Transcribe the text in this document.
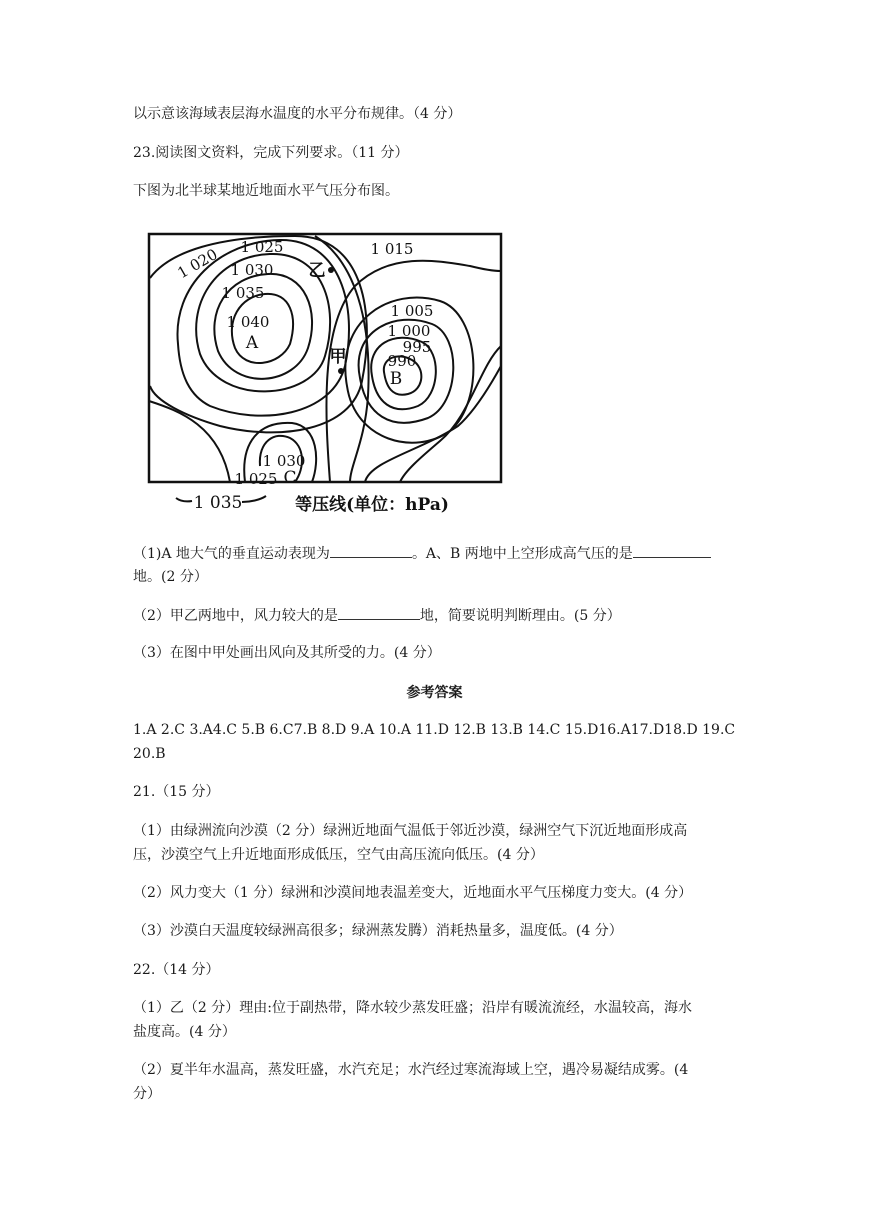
以示意该海域表层海水温度的水平分布规律。（4 分）
23.阅读图文资料，完成下列要求。（11 分）
下图为北半球某地近地面水平气压分布图。
1 020 1 025
1 030
1 035
1 040
1 015
1 005
1 000
995
990
1 030
1 025
A
B
C
甲
乙
1 035	等压线(单位：hPa)
（1)A 地大气的垂直运动表现为	。A、B 两地中上空形成高气压的是
地。(2 分）
（2）甲乙两地中，风力较大的是	地，简要说明判断理由。(5 分）
（3）在图中甲处画出风向及其所受的力。(4 分）
参考答案
1.A 2.C 3.A4.C 5.B 6.C7.B 8.D 9.A 10.A 11.D 12.B 13.B 14.C 15.D16.A17.D18.D 19.C
20.B
21.（15 分）
（1）由绿洲流向沙漠（2 分）绿洲近地面气温低于邻近沙漠，绿洲空气下沉近地面形成高
压，沙漠空气上升近地面形成低压，空气由高压流向低压。(4 分）
（2）风力变大（1 分）绿洲和沙漠间地表温差变大，近地面水平气压梯度力变大。(4 分）
（3）沙漠白天温度较绿洲高很多；绿洲蒸发腾）消耗热量多，温度低。(4 分）
22.（14 分）
（1）乙（2 分）理由:位于副热带，降水较少蒸发旺盛；沿岸有暖流流经，水温较高，海水
盐度高。(4 分）
（2）夏半年水温高，蒸发旺盛，水汽充足；水汽经过寒流海域上空，遇冷易凝结成雾。(4
分）
